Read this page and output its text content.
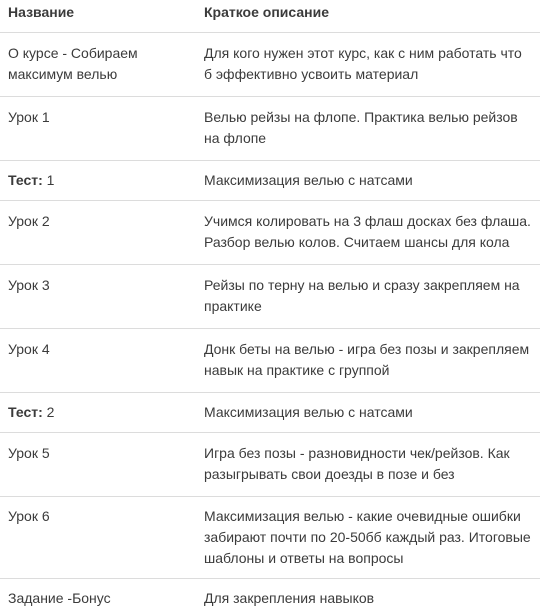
Название	Краткое описание
О курсе - Собираем максимум велью	Для кого нужен этот курс, как с ним работать что б эффективно усвоить материал
Урок 1	Велью рейзы на флопе. Практика велью рейзов на флопе
Тест: 1	Максимизация велью с натсами
Урок 2	Учимся колировать на 3 флаш досках без флаша. Разбор велью колов. Считаем шансы для кола
Урок 3	Рейзы по терну на велью и сразу закрепляем на практике
Урок 4	Донк беты на велью - игра без позы и закрепляем навык на практике с группой
Тест: 2	Максимизация велью с натсами
Урок 5	Игра без позы - разновидности чек/рейзов. Как разыгрывать свои доезды в позе и без
Урок 6	Максимизация велью - какие очевидные ошибки забирают почти по 20-50бб каждый раз. Итоговые шаблоны и ответы на вопросы
Задание -Бонус	Для закрепления навыков
